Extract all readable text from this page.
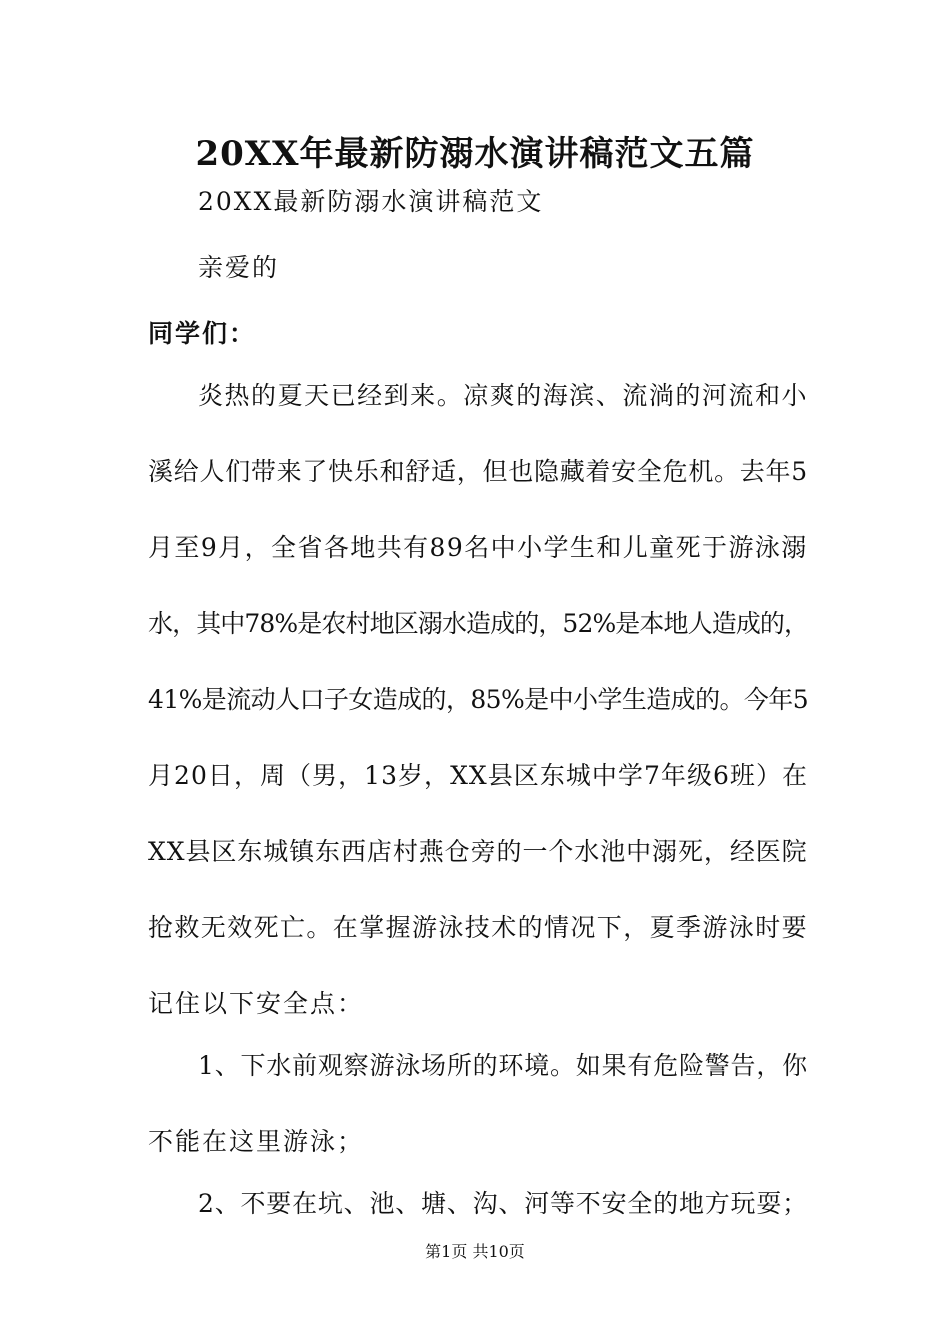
20XX年最新防溺水演讲稿范文五篇
20XX最新防溺水演讲稿范文
亲爱的
同学们：
炎热的夏天已经到来。凉爽的海滨、流淌的河流和小
溪给人们带来了快乐和舒适，但也隐藏着安全危机。去年5
月至9月，全省各地共有89名中小学生和儿童死于游泳溺
水，其中78%是农村地区溺水造成的，52%是本地人造成的，
41%是流动人口子女造成的，85%是中小学生造成的。今年5
月20日，周（男，13岁，XX县区东城中学7年级6班）在
XX县区东城镇东西店村燕仓旁的一个水池中溺死，经医院
抢救无效死亡。在掌握游泳技术的情况下，夏季游泳时要
记住以下安全点：
1、下水前观察游泳场所的环境。如果有危险警告，你
不能在这里游泳；
2、不要在坑、池、塘、沟、河等不安全的地方玩耍；
第1页 共10页
